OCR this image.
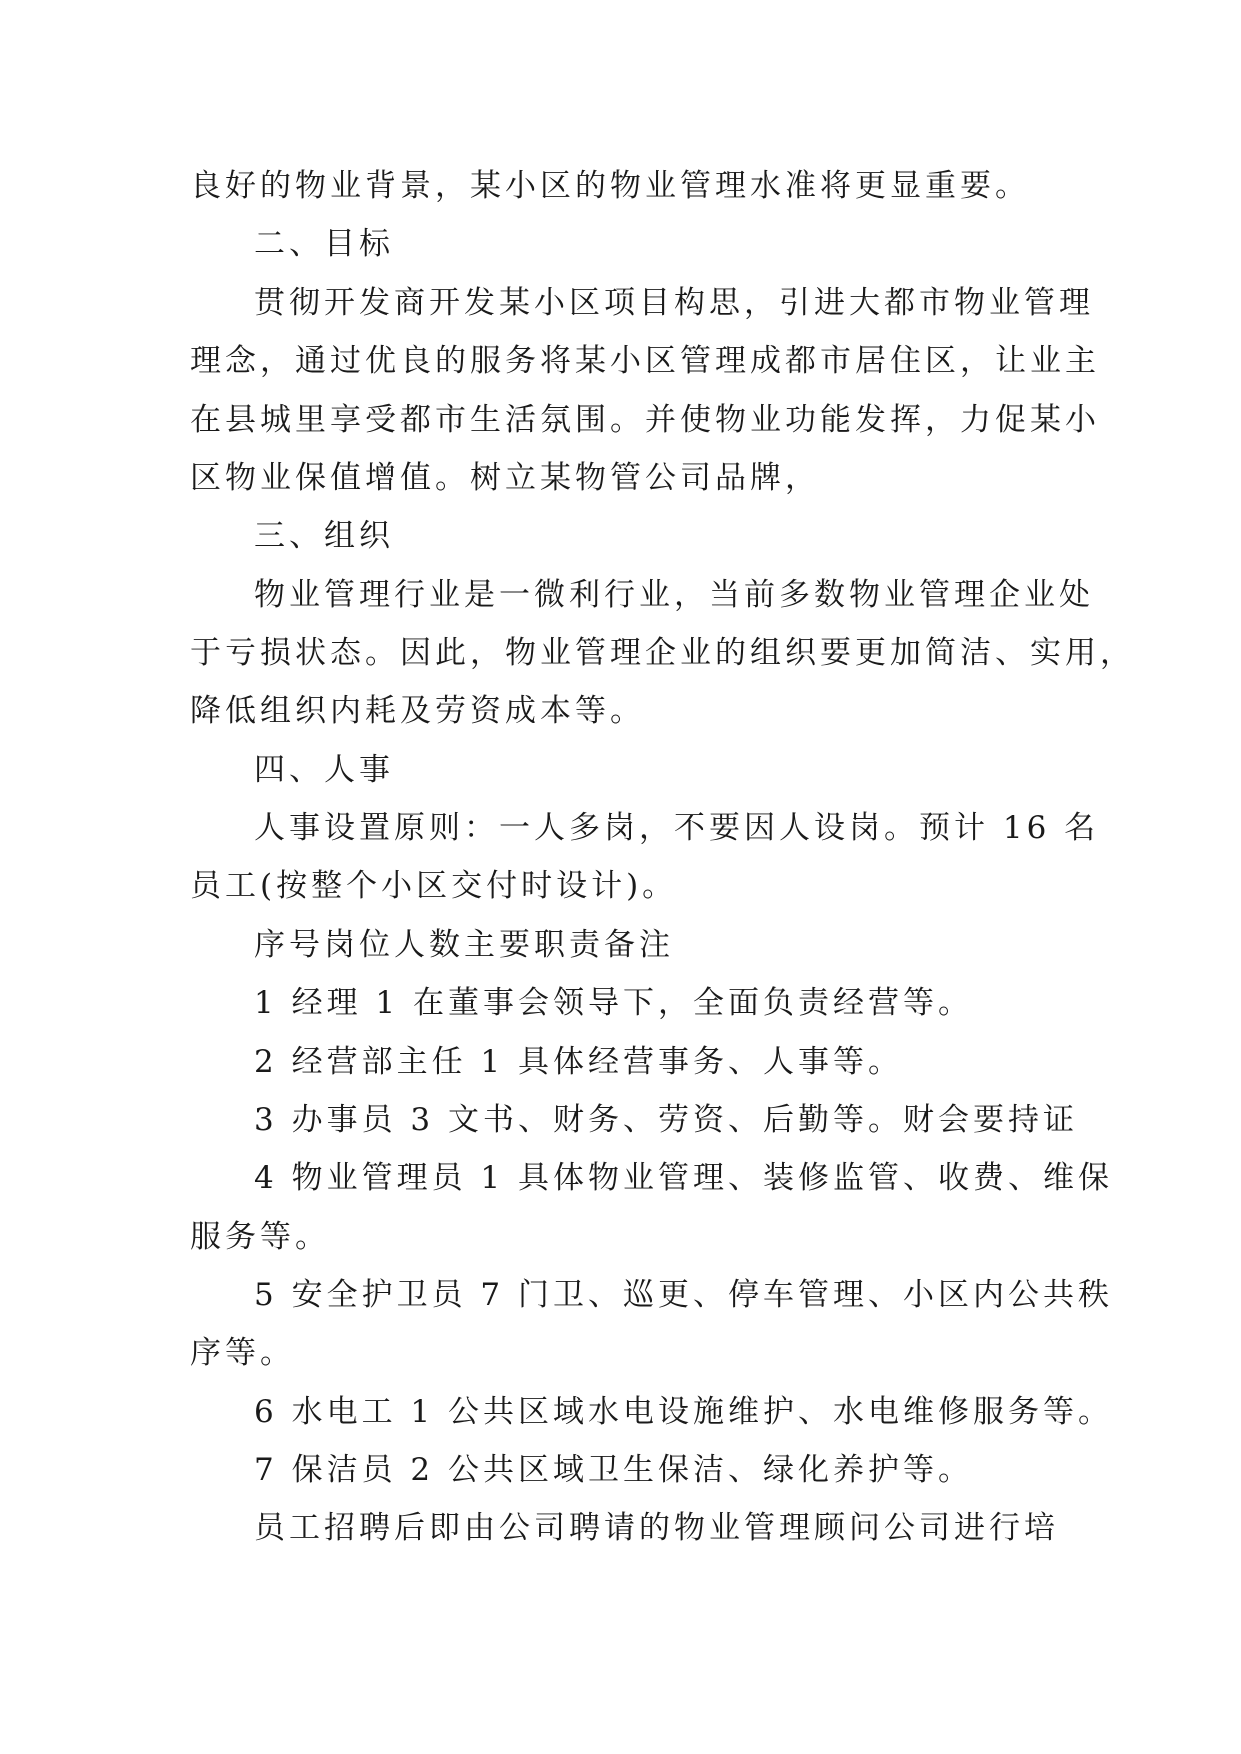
良好的物业背景，某小区的物业管理水准将更显重要。
二、目标
贯彻开发商开发某小区项目构思，引进大都市物业管理
理念，通过优良的服务将某小区管理成都市居住区，让业主
在县城里享受都市生活氛围。并使物业功能发挥，力促某小
区物业保值增值。树立某物管公司品牌，
三、组织
物业管理行业是一微利行业，当前多数物业管理企业处
于亏损状态。因此，物业管理企业的组织要更加简洁、实用，
降低组织内耗及劳资成本等。
四、人事
人事设置原则：一人多岗，不要因人设岗。预计 16 名
员工(按整个小区交付时设计)。
序号岗位人数主要职责备注
1 经理 1 在董事会领导下，全面负责经营等。
2 经营部主任 1 具体经营事务、人事等。
3 办事员 3 文书、财务、劳资、后勤等。财会要持证
4 物业管理员 1 具体物业管理、装修监管、收费、维保
服务等。
5 安全护卫员 7 门卫、巡更、停车管理、小区内公共秩
序等。
6 水电工 1 公共区域水电设施维护、水电维修服务等。
7 保洁员 2 公共区域卫生保洁、绿化养护等。
员工招聘后即由公司聘请的物业管理顾问公司进行培
